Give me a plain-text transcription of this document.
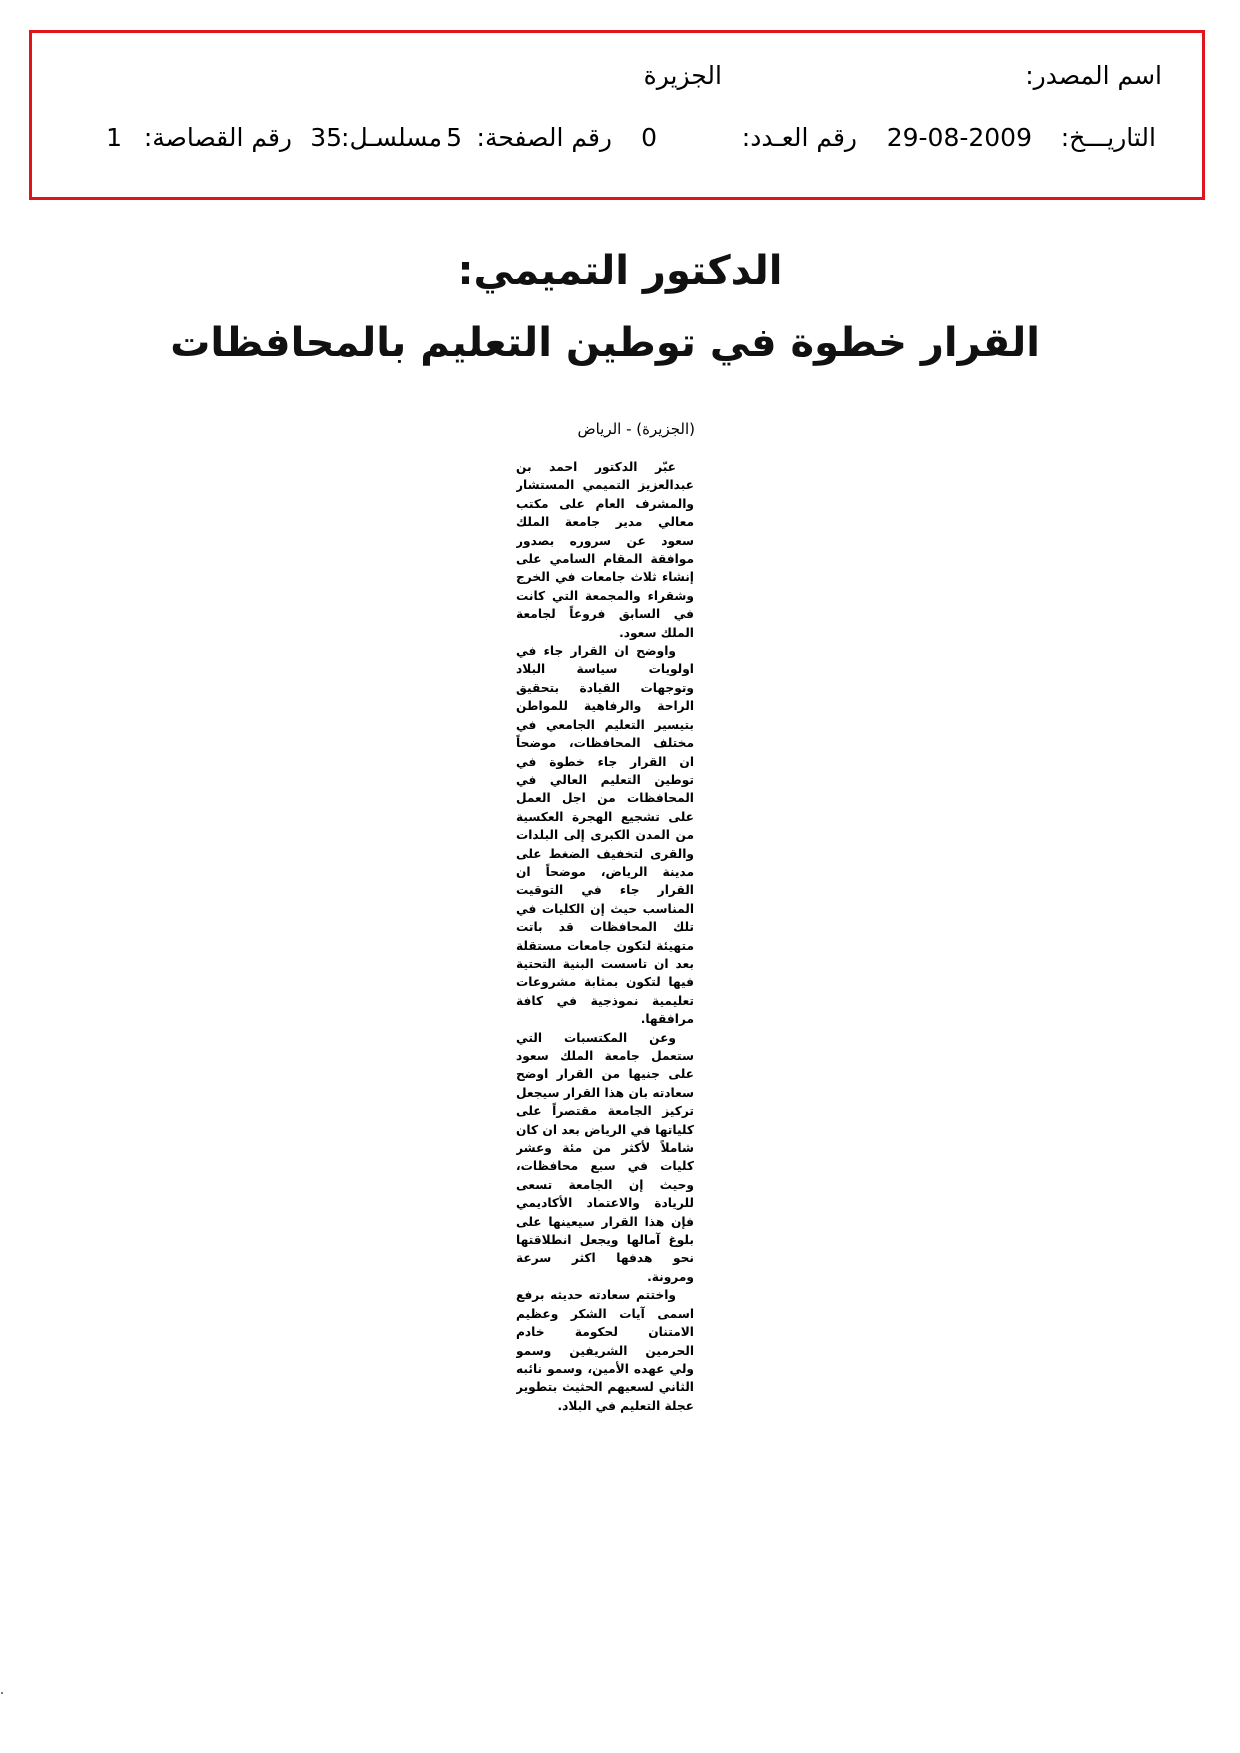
اسم المصدر:
الجزيرة
التاريـــخ:
29-08-2009
رقم العـدد:
0
رقم الصفحة:
5
مسلسـل:
35
رقم القصاصة:
1
الدكتور التميمي:
القرار خطوة في توطين التعليم بالمحافظات
(الجزيرة) - الرياض

عبّر الدكتور احمد بن عبدالعزيز التميمي المستشار والمشرف العام على مكتب معالي مدير جامعة الملك سعود عن سروره بصدور موافقة المقام السامي على إنشاء ثلاث جامعات في الخرج وشقراء والمجمعة التي كانت في السابق فروعاً لجامعة الملك سعود.

واوضح ان القرار جاء في اولويات سياسة البلاد وتوجهات القيادة بتحقيق الراحة والرفاهية للمواطن بتيسير التعليم الجامعي في مختلف المحافظات، موضحاً ان القرار جاء خطوة في توطين التعليم العالي في المحافظات من اجل العمل على تشجيع الهجرة العكسية من المدن الكبرى إلى البلدات والقرى لتخفيف الضغط على مدينة الرياض، موضحاً ان القرار جاء في التوقيت المناسب حيث إن الكليات في تلك المحافظات قد باتت متهيئة لتكون جامعات مستقلة بعد ان تاسست البنية التحتية فيها لتكون بمثابة مشروعات تعليمية نموذجية في كافة مرافقها.

وعن المكتسبات التي ستعمل جامعة الملك سعود على جنيها من القرار اوضح سعادته بان هذا القرار سيجعل تركيز الجامعة مقتصراً على كلياتها في الرياض بعد ان كان شاملاً لأكثر من مئة وعشر كليات في سبع محافظات، وحيث إن الجامعة تسعى للريادة والاعتماد الأكاديمي فإن هذا القرار سيعينها على بلوغ آمالها ويجعل انطلاقتها نحو هدفها اكثر سرعة ومرونة.

واختتم سعادته حديثه برفع اسمى آيات الشكر وعظيم الامتنان لحكومة خادم الحرمين الشريفين وسمو ولي عهده الأمين، وسمو نائبه الثاني لسعيهم الحثيث بتطوير عجلة التعليم في البلاد.
